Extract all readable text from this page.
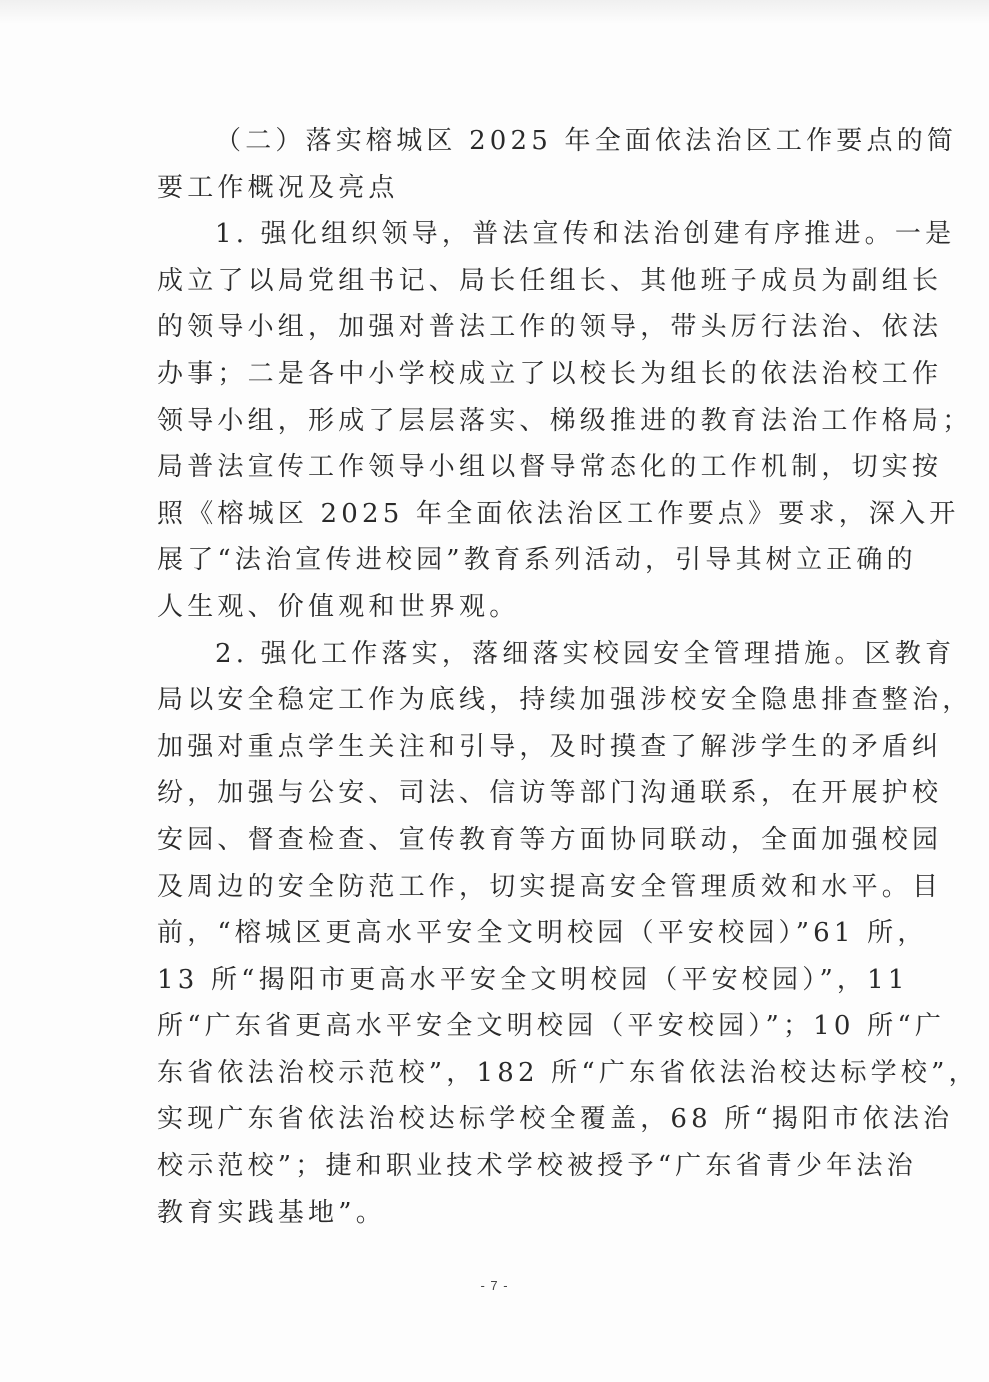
（二）落实榕城区 2025 年全面依法治区工作要点的简
要工作概况及亮点
1. 强化组织领导，普法宣传和法治创建有序推进。一是
成立了以局党组书记、局长任组长、其他班子成员为副组长
的领导小组，加强对普法工作的领导，带头厉行法治、依法
办事；二是各中小学校成立了以校长为组长的依法治校工作
领导小组，形成了层层落实、梯级推进的教育法治工作格局；
局普法宣传工作领导小组以督导常态化的工作机制，切实按
照《榕城区 2025 年全面依法治区工作要点》要求，深入开
展了“法治宣传进校园”教育系列活动，引导其树立正确的
人生观、价值观和世界观。
2. 强化工作落实，落细落实校园安全管理措施。区教育
局以安全稳定工作为底线，持续加强涉校安全隐患排查整治，
加强对重点学生关注和引导，及时摸查了解涉学生的矛盾纠
纷，加强与公安、司法、信访等部门沟通联系，在开展护校
安园、督查检查、宣传教育等方面协同联动，全面加强校园
及周边的安全防范工作，切实提高安全管理质效和水平。目
前，“榕城区更高水平安全文明校园（平安校园）”61 所，
13 所“揭阳市更高水平安全文明校园（平安校园）”，11
所“广东省更高水平安全文明校园（平安校园）”；10 所“广
东省依法治校示范校”，182 所“广东省依法治校达标学校”，
实现广东省依法治校达标学校全覆盖，68 所“揭阳市依法治
校示范校”；捷和职业技术学校被授予“广东省青少年法治
教育实践基地”。
- 7 -
